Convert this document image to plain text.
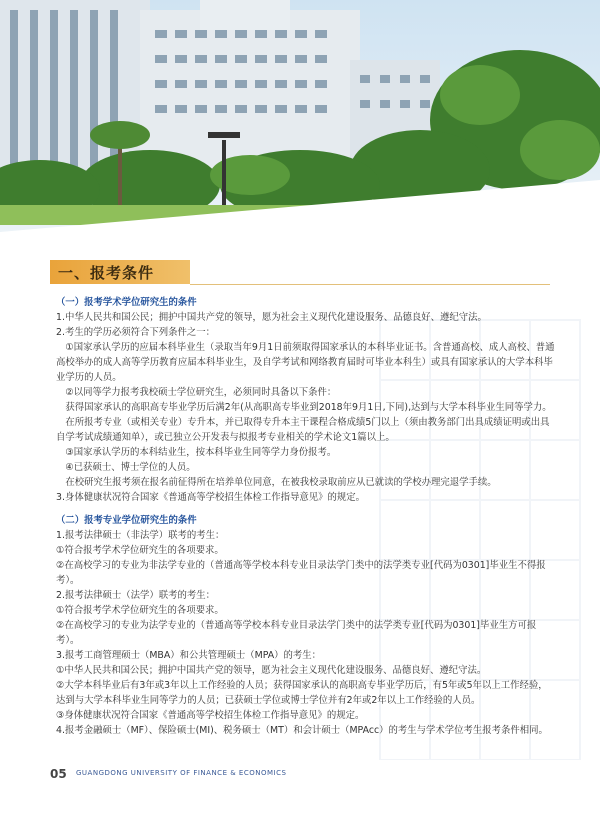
一、报考条件

（一）报考学术学位研究生的条件

1.中华人民共和国公民；拥护中国共产党的领导，愿为社会主义现代化建设服务、品德良好、遵纪守法。

2.考生的学历必须符合下列条件之一：

①国家承认学历的应届本科毕业生（录取当年9月1日前须取得国家承认的本科毕业证书。含普通高校、成人高校、普通高校举办的成人高等学历教育应届本科毕业生，及自学考试和网络教育届时可毕业本科生）或具有国家承认的大学本科毕业学历的人员。

②以同等学力报考我校硕士学位研究生，必须同时具备以下条件：

获得国家承认的高职高专毕业学历后满2年(从高职高专毕业到2018年9月1日,下同),达到与大学本科毕业生同等学力。

在所报考专业（或相关专业）专升本，并已取得专升本主干课程合格成绩5门以上（须由教务部门出具成绩证明或出具自学考试成绩通知单），或已独立公开发表与拟报考专业相关的学术论文1篇以上。

③国家承认学历的本科结业生，按本科毕业生同等学力身份报考。

④已获硕士、博士学位的人员。

在校研究生报考须在报名前征得所在培养单位同意，在被我校录取前应从已就读的学校办理完退学手续。

3.身体健康状况符合国家《普通高等学校招生体检工作指导意见》的规定。

（二）报考专业学位研究生的条件

1.报考法律硕士（非法学）联考的考生：

①符合报考学术学位研究生的各项要求。

②在高校学习的专业为非法学专业的（普通高等学校本科专业目录法学门类中的法学类专业[代码为0301]毕业生不得报考）。

2.报考法律硕士（法学）联考的考生：

①符合报考学术学位研究生的各项要求。

②在高校学习的专业为法学专业的（普通高等学校本科专业目录法学门类中的法学类专业[代码为0301]毕业生方可报考）。

3.报考工商管理硕士（MBA）和公共管理硕士（MPA）的考生：

①中华人民共和国公民；拥护中国共产党的领导，愿为社会主义现代化建设服务、品德良好、遵纪守法。

②大学本科毕业后有3年或3年以上工作经验的人员；获得国家承认的高职高专毕业学历后，有5年或5年以上工作经验，达到与大学本科毕业生同等学力的人员；已获硕士学位或博士学位并有2年或2年以上工作经验的人员。

③身体健康状况符合国家《普通高等学校招生体检工作指导意见》的规定。

4.报考金融硕士（MF）、保险硕士(MI)、税务硕士（MT）和会计硕士（MPAcc）的考生与学术学位考生报考条件相同。

05 GUANGDONG UNIVERSITY OF FINANCE & ECONOMICS
